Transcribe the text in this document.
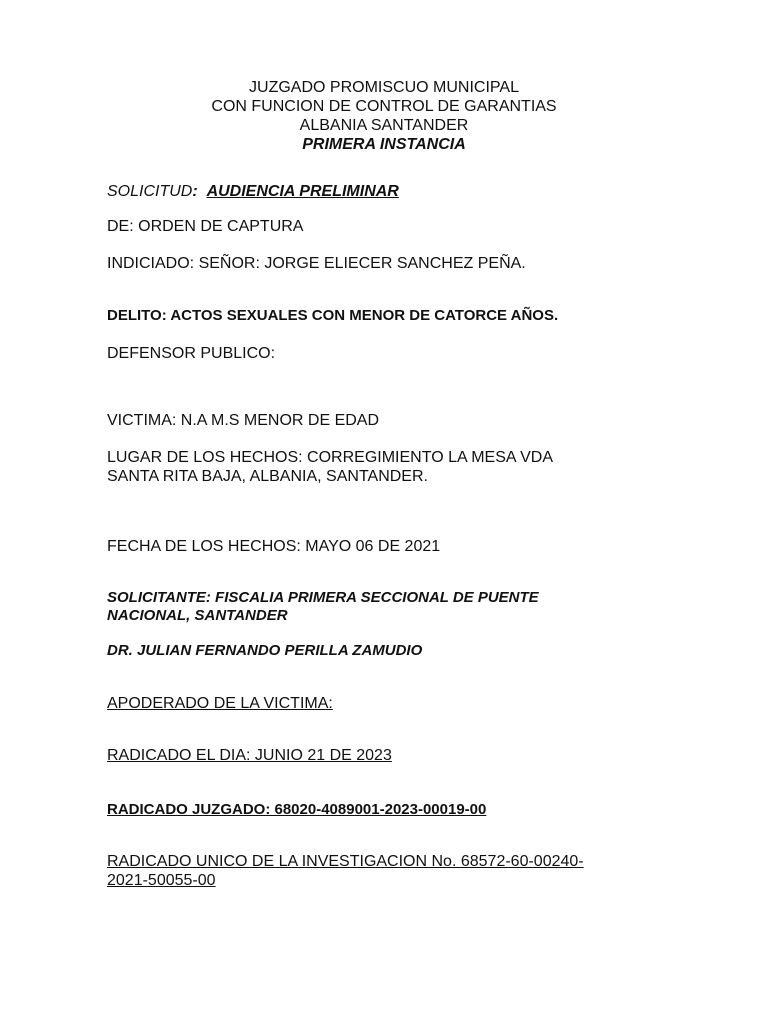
JUZGADO PROMISCUO MUNICIPAL
CON FUNCION DE CONTROL DE GARANTIAS
ALBANIA SANTANDER
PRIMERA INSTANCIA
SOLICITUD: AUDIENCIA PRELIMINAR
DE: ORDEN DE CAPTURA
INDICIADO: SEÑOR: JORGE ELIECER SANCHEZ PEÑA.
DELITO: ACTOS SEXUALES CON MENOR DE CATORCE AÑOS.
DEFENSOR PUBLICO:
VICTIMA: N.A M.S MENOR DE EDAD
LUGAR DE LOS HECHOS: CORREGIMIENTO LA MESA VDA
SANTA RITA BAJA, ALBANIA, SANTANDER.
FECHA DE LOS HECHOS: MAYO 06 DE 2021
SOLICITANTE: FISCALIA PRIMERA SECCIONAL DE PUENTE
NACIONAL, SANTANDER
DR. JULIAN FERNANDO PERILLA ZAMUDIO
APODERADO DE LA VICTIMA:
RADICADO EL DIA: JUNIO 21 DE 2023
RADICADO JUZGADO: 68020-4089001-2023-00019-00
RADICADO UNICO DE LA INVESTIGACION No. 68572-60-00240-
2021-50055-00
